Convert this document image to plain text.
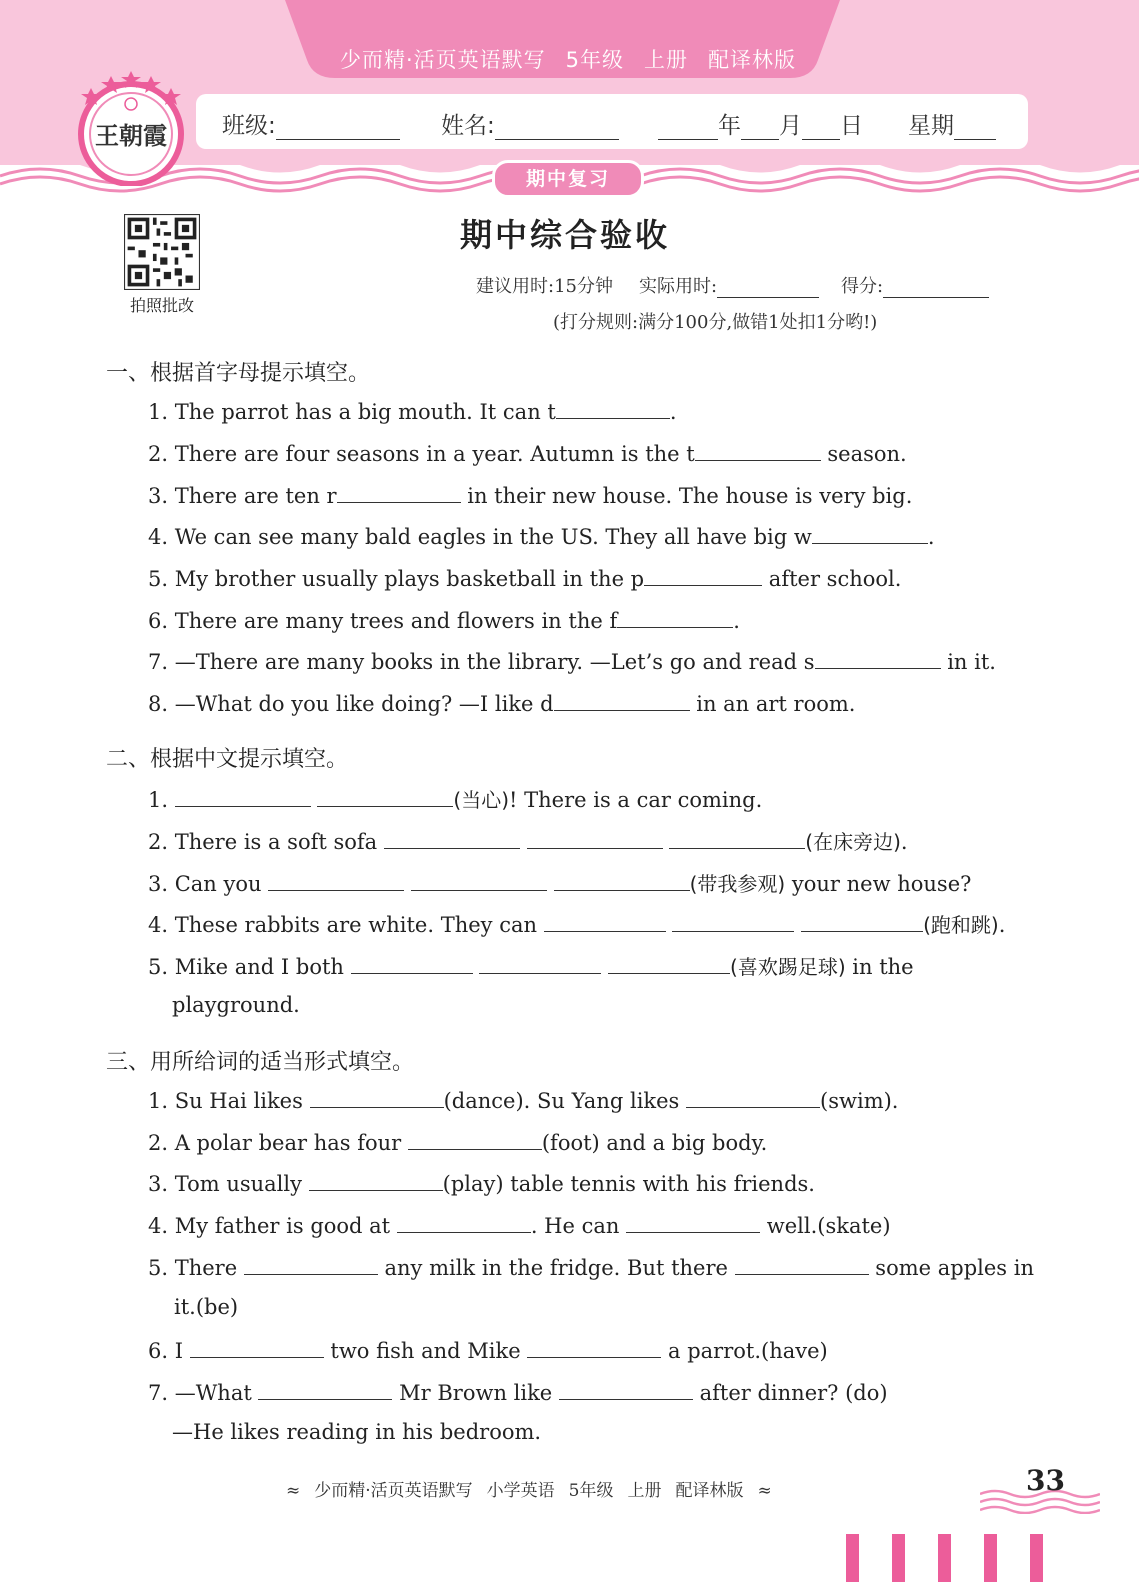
少而精·活页英语默写 5年级 上册 配译林版
王朝霞 班级:	姓名:	年 月 日 星期
期中复习
拍照批改
期中综合验收
建议用时:15分钟 实际用时:	得分:
(打分规则:满分100分,做错1处扣1分哟!)
一、根据首字母提示填空。
1. The parrot has a big mouth. It can t	.
2. There are four seasons in a year. Autumn is the t	season.
3. There are ten r	in their new house. The house is very big.
4. We can see many bald eagles in the US. They all have big w	.
5. My brother usually plays basketball in the p	after school.
6. There are many trees and flowers in the f	.
7. —There are many books in the library. —Let’s go and read s	in it.
8. —What do you like doing? —I like d	in an art room.
二、根据中文提示填空。
1.	(当心)! There is a car coming.
2. There is a soft sofa	(在床旁边).
3. Can you	(带我参观) your new house?
4. These rabbits are white. They can	(跑和跳).
5. Mike and I both	(喜欢踢足球) in the
playground.
三、用所给词的适当形式填空。
1. Su Hai likes	(dance). Su Yang likes	(swim).
2. A polar bear has four	(foot) and a big body.
3. Tom usually	(play) table tennis with his friends.
4. My father is good at	. He can	well.(skate)
5. There	any milk in the fridge. But there	some apples in
it.(be)
6. I	two fish and Mike	a parrot.(have)
7. —What	Mr Brown like	after dinner? (do)
—He likes reading in his bedroom.
≈ 少而精·活页英语默写 小学英语 5年级 上册 配译林版 ≈	33
